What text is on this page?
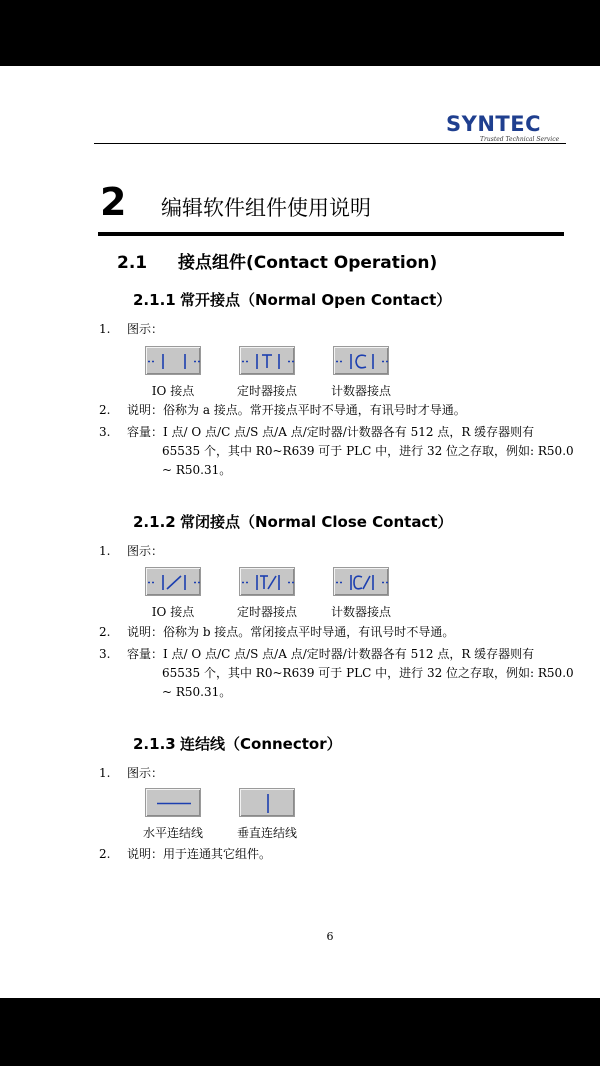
SYNTEC
Trusted Technical Service
2 编辑软件组件使用说明
2.1 接点组件(Contact Operation)
2.1.1 常开接点（Normal Open Contact）
1. 图示：
IO 接点	定时器接点	计数器接点
2. 说明：俗称为 a 接点。常开接点平时不导通，有讯号时才导通。
3. 容量：I 点/ O 点/C 点/S 点/A 点/定时器/计数器各有 512 点，R 缓存器则有
65535 个，其中 R0~R639 可于 PLC 中，进行 32 位之存取，例如: R50.0
~ R50.31。
2.1.2 常闭接点（Normal Close Contact）
1. 图示：
IO 接点	定时器接点	计数器接点
2. 说明：俗称为 b 接点。常闭接点平时导通，有讯号时不导通。
3. 容量：I 点/ O 点/C 点/S 点/A 点/定时器/计数器各有 512 点，R 缓存器则有
65535 个，其中 R0~R639 可于 PLC 中，进行 32 位之存取，例如: R50.0
~ R50.31。
2.1.3 连结线（Connector）
1. 图示：
水平连结线	垂直连结线
2. 说明：用于连通其它组件。
6
